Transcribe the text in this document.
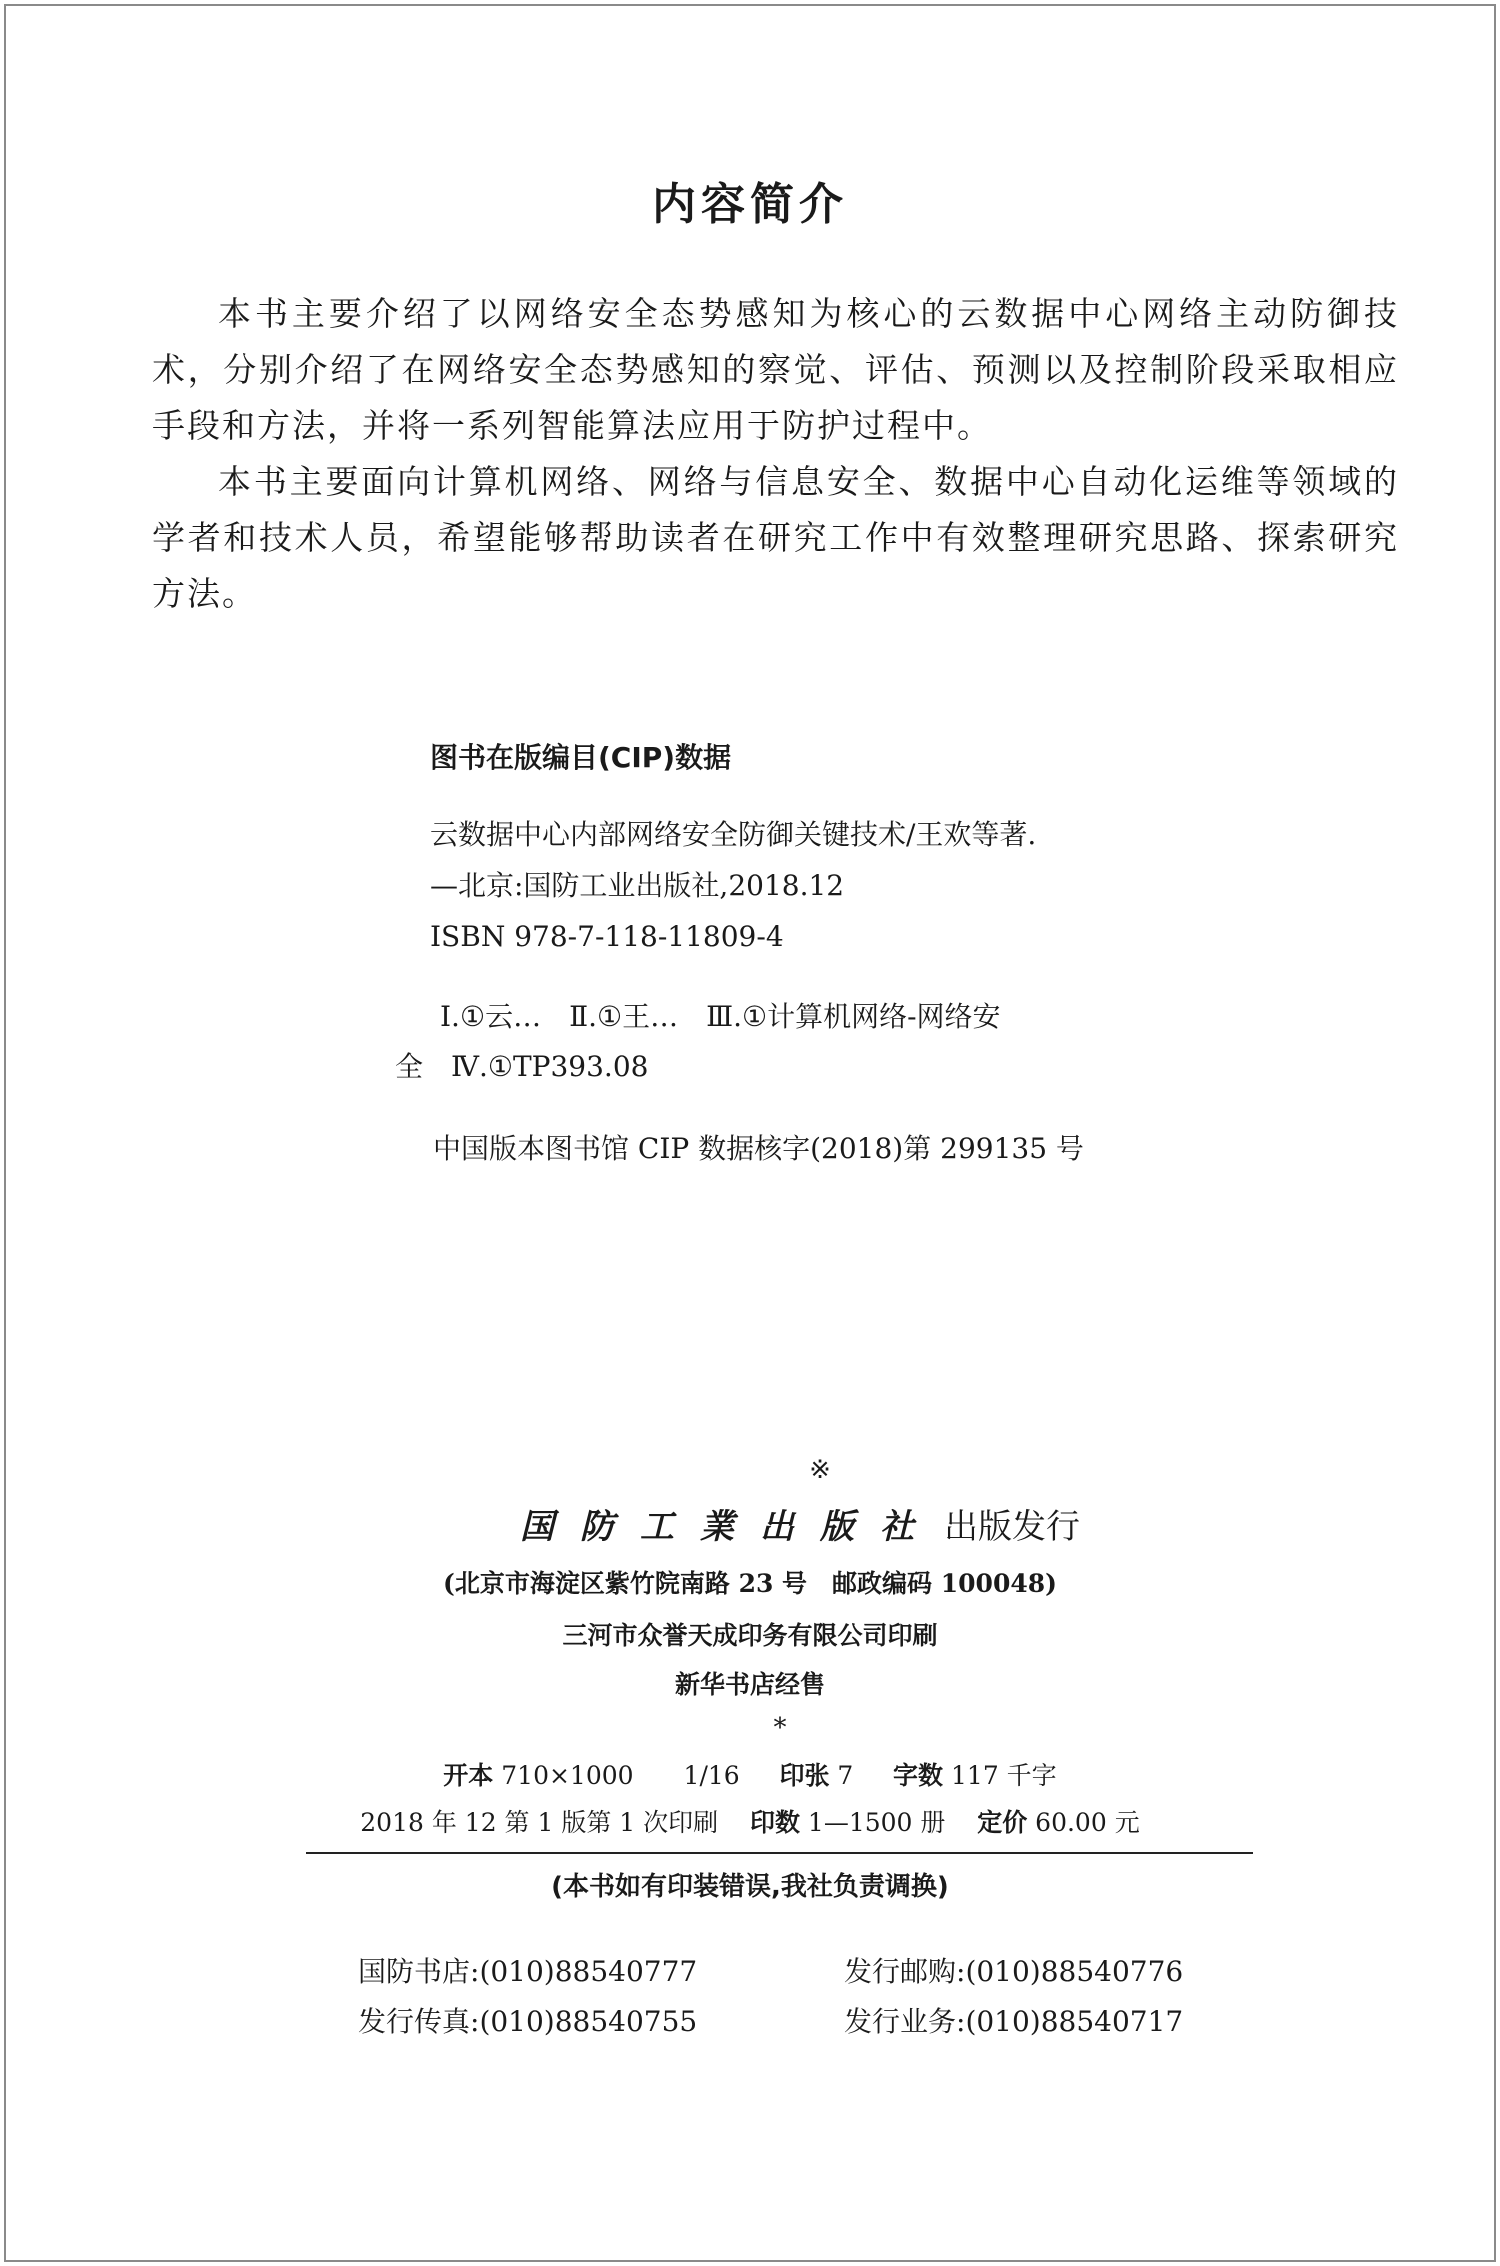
内容简介

本书主要介绍了以网络安全态势感知为核心的云数据中心网络主动防御技术，分别介绍了在网络安全态势感知的察觉、评估、预测以及控制阶段采取相应手段和方法，并将一系列智能算法应用于防护过程中。

本书主要面向计算机网络、网络与信息安全、数据中心自动化运维等领域的学者和技术人员，希望能够帮助读者在研究工作中有效整理研究思路、探索研究方法。

图书在版编目(CIP)数据
云数据中心内部网络安全防御关键技术/王欢等著.
—北京:国防工业出版社,2018.12
ISBN 978-7-118-11809-4
Ⅰ.①云…　Ⅱ.①王…　Ⅲ.①计算机网络-网络安
全　Ⅳ.①TP393.08
中国版本图书馆 CIP 数据核字(2018)第 299135 号
※
国防工業出版社 出版发行
(北京市海淀区紫竹院南路 23 号　邮政编码 100048)
三河市众誉天成印务有限公司印刷
新华书店经售
*
开本 710×1000　　1/16 印张 7 字数 117 千字
2018 年 12 第 1 版第 1 次印刷 印数 1—1500 册 定价 60.00 元
(本书如有印装错误,我社负责调换)
国防书店:(010)88540777	发行邮购:(010)88540776
发行传真:(010)88540755	发行业务:(010)88540717
